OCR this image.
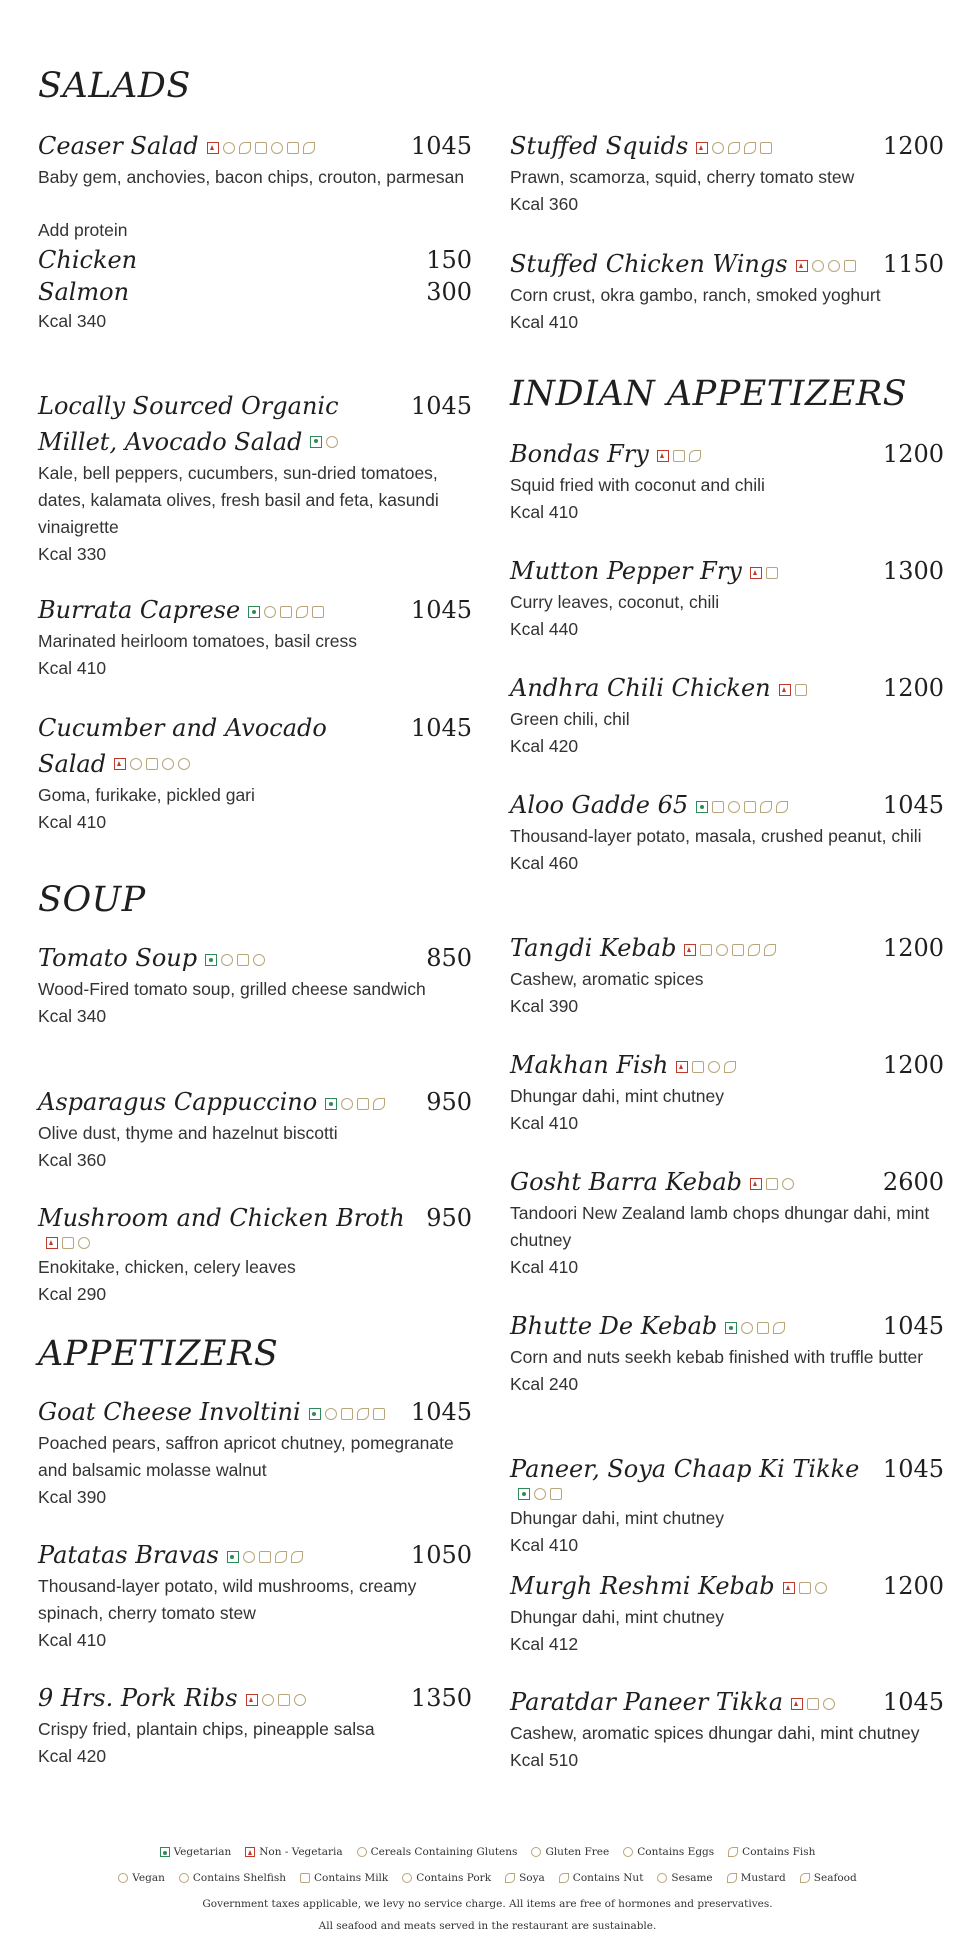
SALADS
Ceaser Salad	1045

Baby gem, anchovies, bacon chips, crouton, parmesan

Add protein

Chicken	150
Salmon	300

Kcal 340

Locally Sourced Organic Millet, Avocado Salad
1045

Kale, bell peppers, cucumbers, sun-dried tomatoes, dates, kalamata olives, fresh basil and feta, kasundi vinaigrette

Kcal 330

Burrata Caprese	1045

Marinated heirloom tomatoes, basil cress

Kcal 410

Cucumber and Avocado Salad
1045

Goma, furikake, pickled gari

Kcal 410

SOUP
Tomato Soup	850

Wood-Fired tomato soup, grilled cheese sandwich

Kcal 340

Asparagus Cappuccino	950

Olive dust, thyme and hazelnut biscotti

Kcal 360

Mushroom and Chicken Broth 950

Enokitake, chicken, celery leaves

Kcal 290

APPETIZERS
Goat Cheese Involtini	1045

Poached pears, saffron apricot chutney, pomegranate and balsamic molasse walnut

Kcal 390

Patatas Bravas	1050

Thousand-layer potato, wild mushrooms, creamy spinach, cherry tomato stew

Kcal 410

9 Hrs. Pork Ribs	1350

Crispy fried, plantain chips, pineapple salsa

Kcal 420

Stuffed Squids	1200

Prawn, scamorza, squid, cherry tomato stew

Kcal 360

Stuffed Chicken Wings	1150

Corn crust, okra gambo, ranch, smoked yoghurt

Kcal 410

INDIAN APPETIZERS
Bondas Fry	1200

Squid fried with coconut and chili

Kcal 410

Mutton Pepper Fry	1300

Curry leaves, coconut, chili

Kcal 440

Andhra Chili Chicken	1200

Green chili, chil

Kcal 420

Aloo Gadde 65	1045

Thousand-layer potato, masala, crushed peanut, chili

Kcal 460

Tangdi Kebab	1200

Cashew, aromatic spices

Kcal 390

Makhan Fish	1200

Dhungar dahi, mint chutney

Kcal 410

Gosht Barra Kebab	2600

Tandoori New Zealand lamb chops dhungar dahi, mint chutney

Kcal 410

Bhutte De Kebab	1045

Corn and nuts seekh kebab finished with truffle butter

Kcal 240

Paneer, Soya Chaap Ki Tikke 1045

Dhungar dahi, mint chutney

Kcal 410

Murgh Reshmi Kebab	1200

Dhungar dahi, mint chutney

Kcal 412

Paratdar Paneer Tikka	1045

Cashew, aromatic spices dhungar dahi, mint chutney

Kcal 510

Vegetarian	Non - Vegetaria	Cereals Containing Glutens	Gluten Free	Contains Eggs	Contains Fish
Vegan	Contains Shelfish	Contains Milk	Contains Pork	Soya	Contains Nut	Sesame	Mustard	Seafood
Government taxes applicable, we levy no service charge. All items are free of hormones and preservatives.
All seafood and meats served in the restaurant are sustainable.
